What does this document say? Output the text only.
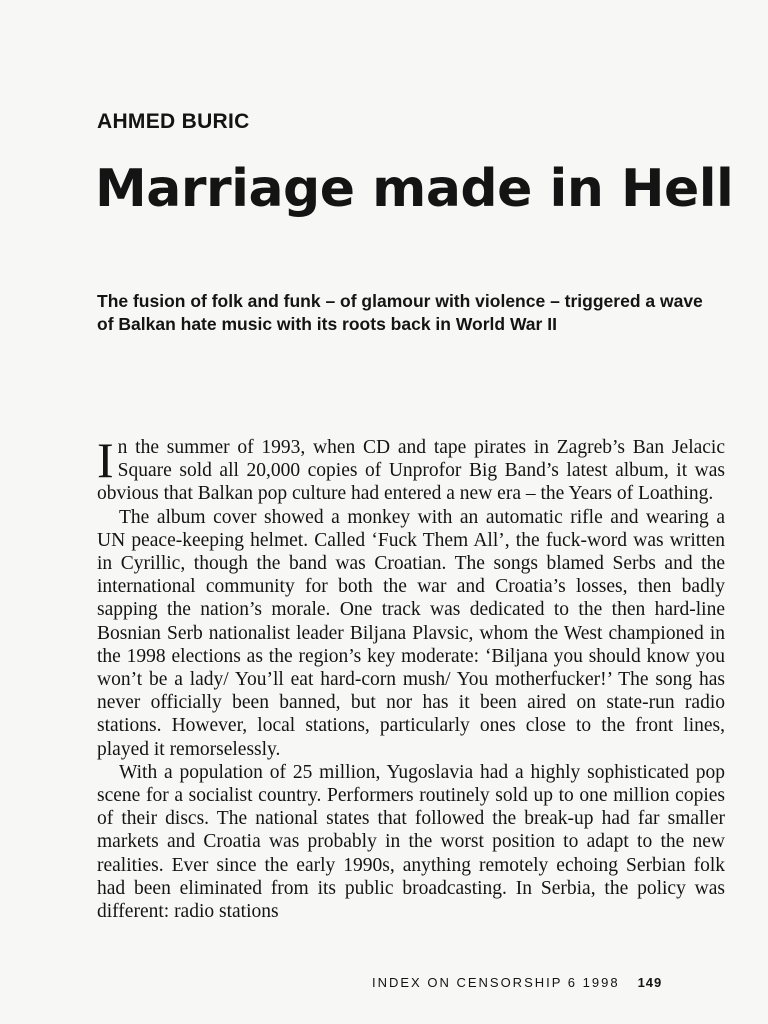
AHMED BURIC
Marriage made in Hell

The fusion of folk and funk – of glamour with violence – triggered a wave of Balkan hate music with its roots back in World War II

In the summer of 1993, when CD and tape pirates in Zagreb’s Ban Jelacic Square sold all 20,000 copies of Unprofor Big Band’s latest album, it was obvious that Balkan pop culture had entered a new era – the Years of Loathing.

The album cover showed a monkey with an automatic rifle and wearing a UN peace-keeping helmet. Called ‘Fuck Them All’, the fuck-word was written in Cyrillic, though the band was Croatian. The songs blamed Serbs and the international community for both the war and Croatia’s losses, then badly sapping the nation’s morale. One track was dedicated to the then hard-line Bosnian Serb nationalist leader Biljana Plavsic, whom the West championed in the 1998 elections as the region’s key moderate: ‘Biljana you should know you won’t be a lady/ You’ll eat hard-corn mush/ You motherfucker!’ The song has never officially been banned, but nor has it been aired on state-run radio stations. However, local stations, particularly ones close to the front lines, played it remorselessly.

With a population of 25 million, Yugoslavia had a highly sophisticated pop scene for a socialist country. Performers routinely sold up to one million copies of their discs. The national states that followed the break-up had far smaller markets and Croatia was probably in the worst position to adapt to the new realities. Ever since the early 1990s, anything remotely echoing Serbian folk had been eliminated from its public broadcasting. In Serbia, the policy was different: radio stations

INDEX ON CENSORSHIP 6 1998 149
